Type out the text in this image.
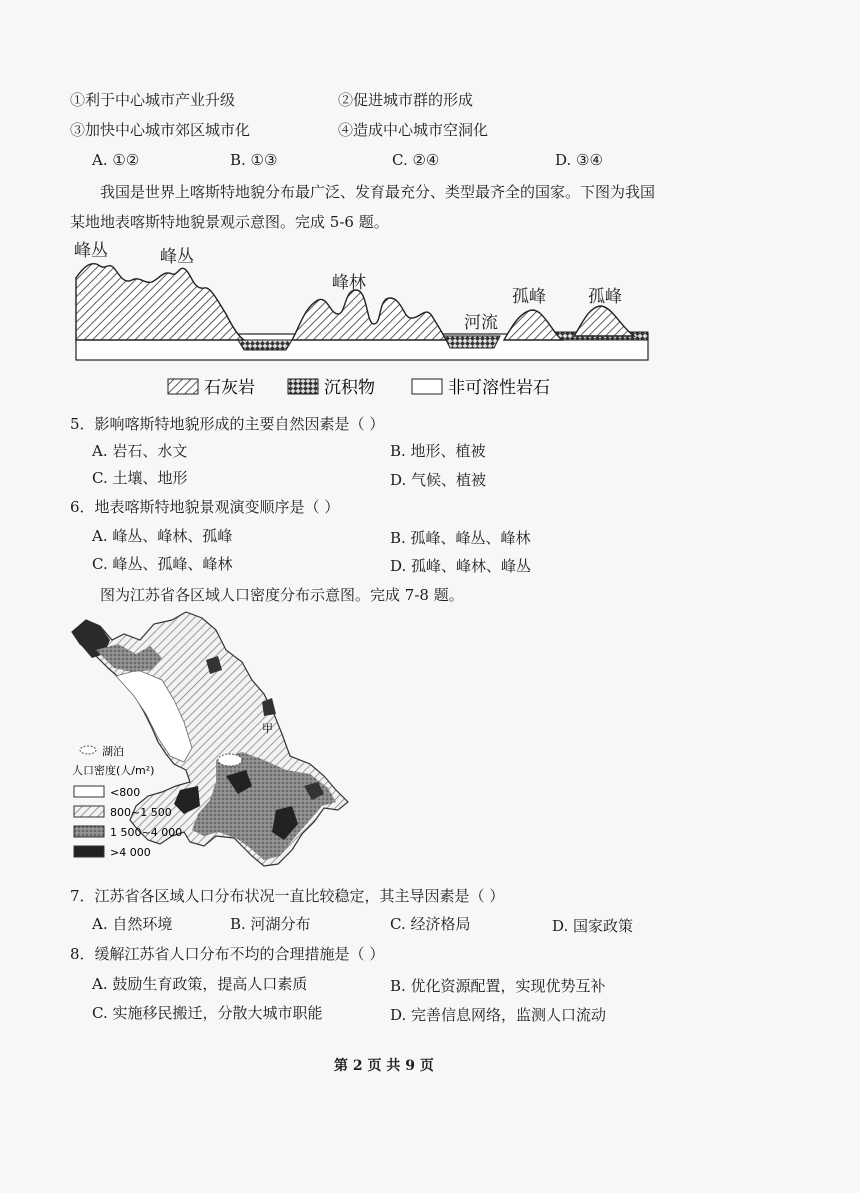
①利于中心城市产业升级	②促进城市群的形成
③加快中心城市郊区城市化	④造成中心城市空洞化
A. ①②	B. ①③	C. ②④	D. ③④
我国是世界上喀斯特地貌分布最广泛、发育最充分、类型最齐全的国家。下图为我国
某地地表喀斯特地貌景观示意图。完成 5-6 题。
峰丛	峰丛
峰林
河流
孤峰 孤峰
石灰岩	沉积物	非可溶性岩石
5．影响喀斯特地貌形成的主要自然因素是（ ）
A. 岩石、水文	B. 地形、植被
C. 土壤、地形	D. 气候、植被
6．地表喀斯特地貌景观演变顺序是（ ）
A. 峰丛、峰林、孤峰	B. 孤峰、峰丛、峰林
C. 峰丛、孤峰、峰林	D. 孤峰、峰林、峰丛
图为江苏省各区域人口密度分布示意图。完成 7-8 题。
甲
湖泊
人口密度(人/m²)
<800
800~1 500
1 500~4 000
>4 000
7．江苏省各区域人口分布状况一直比较稳定，其主导因素是（ ）
A. 自然环境	B. 河湖分布	C. 经济格局	D. 国家政策
8．缓解江苏省人口分布不均的合理措施是（ ）
A. 鼓励生育政策，提高人口素质	B. 优化资源配置，实现优势互补
C. 实施移民搬迁，分散大城市职能	D. 完善信息网络，监测人口流动
第 2 页 共 9 页
